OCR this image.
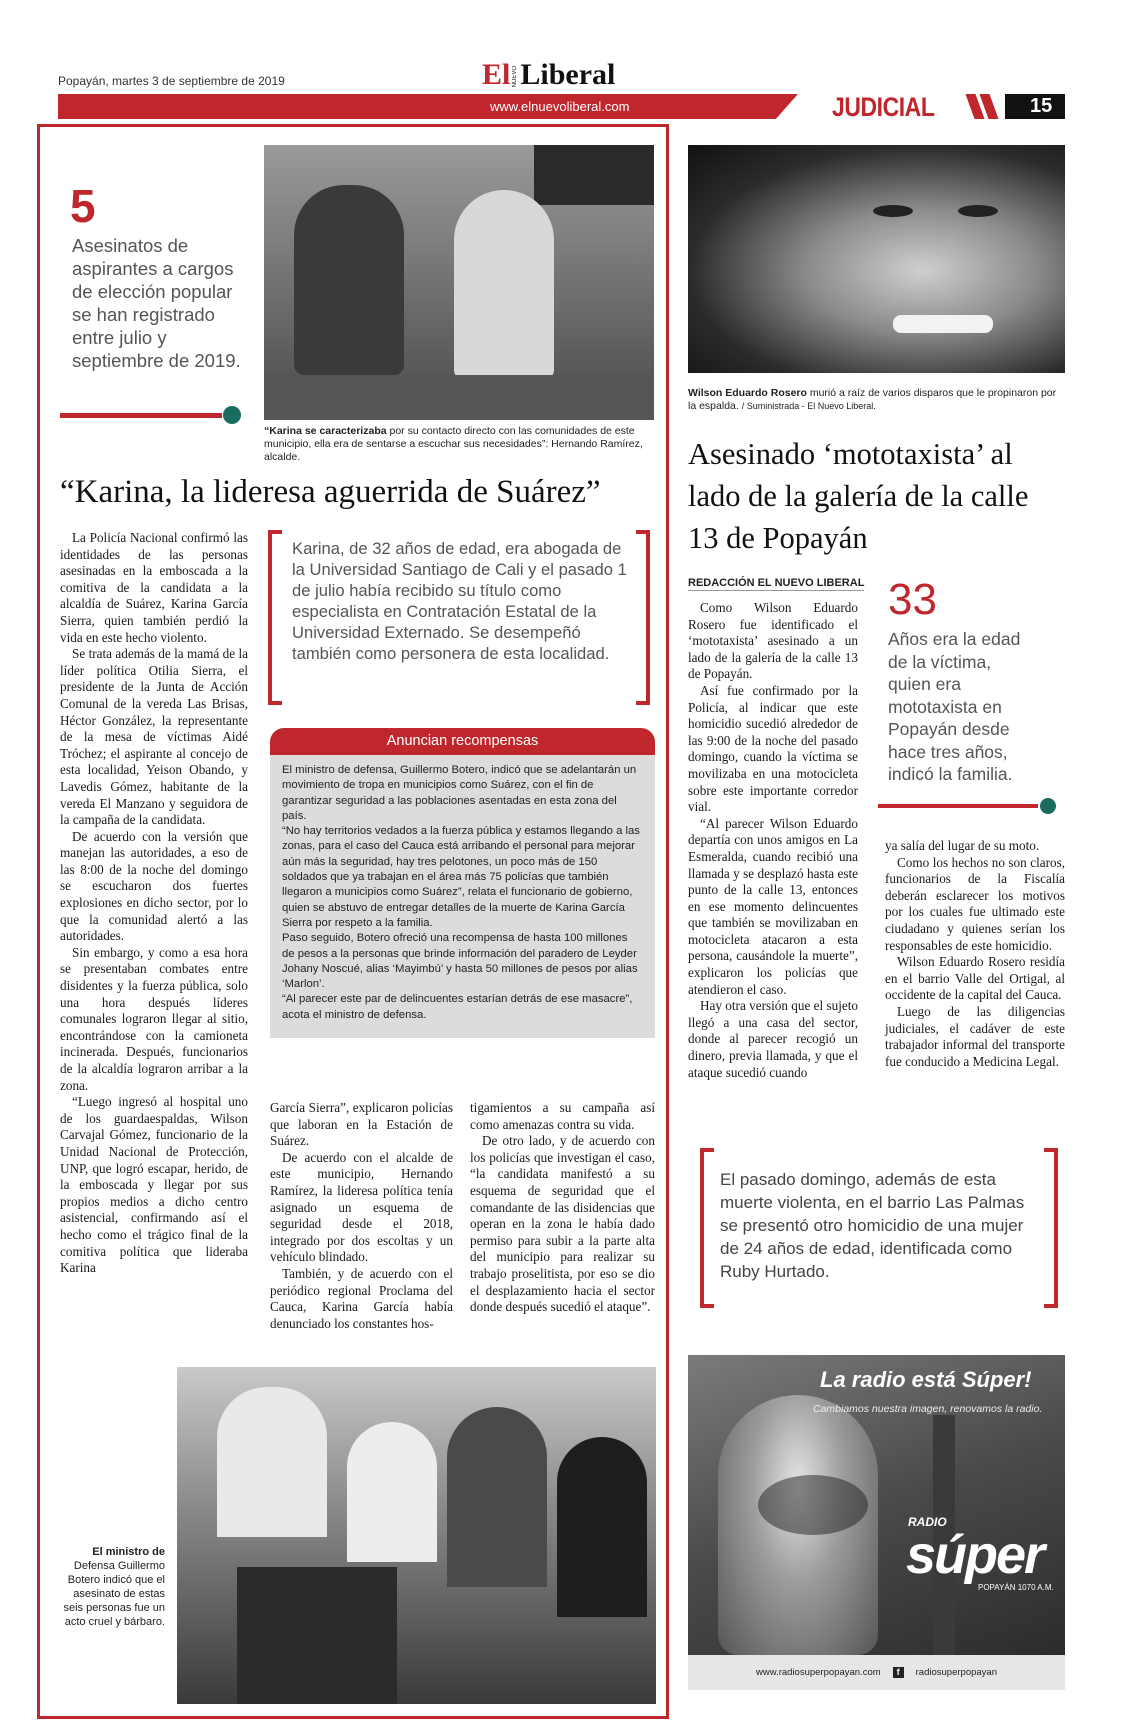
Popayán, martes 3 de septiembre de 2019	El NUEVO Liberal
www.elnuevoliberal.com	JUDICIAL	15
5
Asesinatos de aspirantes a cargos de elección popular se han registrado entre julio y septiembre de 2019.
“Karina se caracterizaba por su contacto directo con las comunidades de este municipio, ella era de sentarse a escuchar sus necesidades”: Hernando Ramírez, alcalde.
“Karina, la lideresa aguerrida de Suárez”

La Policía Nacional confirmó las identidades de las personas asesinadas en la emboscada a la comitiva de la candidata a la alcaldía de Suárez, Karina García Sierra, quien también perdió la vida en este hecho violento.

Se trata además de la mamá de la líder política Otilia Sierra, el presidente de la Junta de Acción Comunal de la vereda Las Brisas, Héctor González, la representante de la mesa de víctimas Aidé Tróchez; el aspirante al concejo de esta localidad, Yeison Obando, y Lavedis Gómez, habitante de la vereda El Manzano y seguidora de la campaña de la candidata.

De acuerdo con la versión que manejan las autoridades, a eso de las 8:00 de la noche del domingo se escucharon dos fuertes explosiones en dicho sector, por lo que la comunidad alertó a las autoridades.

Sin embargo, y como a esa hora se presentaban combates entre disidentes y la fuerza pública, solo una hora después líderes comunales lograron llegar al sitio, encontrándose con la camioneta incinerada. Después, funcionarios de la alcaldía lograron arribar a la zona.

“Luego ingresó al hospital uno de los guardaespaldas, Wilson Carvajal Gómez, funcionario de la Unidad Nacional de Protección, UNP, que logró escapar, herido, de la emboscada y llegar por sus propios medios a dicho centro asistencial, confirmando así el hecho como el trágico final de la comitiva política que lideraba Karina

Karina, de 32 años de edad, era abogada de la Universidad Santiago de Cali y el pasado 1 de julio había recibido su título como especialista en Contratación Estatal de la Universidad Externado. Se desempeñó también como personera de esta localidad.
Anuncian recompensas

El ministro de defensa, Guillermo Botero, indicó que se adelantarán un movimiento de tropa en municipios como Suárez, con el fin de garantizar seguridad a las poblaciones asentadas en esta zona del país.

“No hay territorios vedados a la fuerza pública y estamos llegando a las zonas, para el caso del Cauca está arribando el personal para mejorar aún más la seguridad, hay tres pelotones, un poco más de 150 soldados que ya trabajan en el área más 75 policías que también llegaron a municipios como Suárez”, relata el funcionario de gobierno, quien se abstuvo de entregar detalles de la muerte de Karina García Sierra por respeto a la familia.

Paso seguido, Botero ofreció una recompensa de hasta 100 millones de pesos a la personas que brinde información del paradero de Leyder Johany Noscué, alias ‘Mayimbú’ y hasta 50 millones de pesos por alias ‘Marlon’.

“Al parecer este par de delincuentes estarían detrás de ese masacre”, acota el ministro de defensa.

García Sierra”, explicaron policías que laboran en la Estación de Suárez.

De acuerdo con el alcalde de este municipio, Hernando Ramírez, la lideresa política tenía asignado un esquema de seguridad desde el 2018, integrado por dos escoltas y un vehículo blindado.

También, y de acuerdo con el periódico regional Proclama del Cauca, Karina García había denunciado los constantes hos-

tigamientos a su campaña así como amenazas contra su vida.

De otro lado, y de acuerdo con los policías que investigan el caso, “la candidata manifestó a su esquema de seguridad que el comandante de las disidencias que operan en la zona le había dado permiso para subir a la parte alta del municipio para realizar su trabajo proselitista, por eso se dio el desplazamiento hacia el sector donde después sucedió el ataque”.

El ministro de
Defensa Guillermo Botero indicó que el asesinato de estas seis personas fue un acto cruel y bárbaro.
Wilson Eduardo Rosero murió a raíz de varios disparos que le propinaron por la espalda. / Suministrada - El Nuevo Liberal.
Asesinado ‘mototaxista’ al lado de la galería de la calle 13 de Popayán
REDACCIÓN EL NUEVO LIBERAL

Como Wilson Eduardo Rosero fue identificado el ‘mototaxista’ asesinado a un lado de la galería de la calle 13 de Popayán.

Así fue confirmado por la Policía, al indicar que este homicidio sucedió alrededor de las 9:00 de la noche del pasado domingo, cuando la víctima se movilizaba en una motocicleta sobre este importante corredor vial.

“Al parecer Wilson Eduardo departía con unos amigos en La Esmeralda, cuando recibió una llamada y se desplazó hasta este punto de la calle 13, entonces en ese momento delincuentes que también se movilizaban en motocicleta atacaron a esta persona, causándole la muerte”, explicaron los policías que atendieron el caso.

Hay otra versión que el sujeto llegó a una casa del sector, donde al parecer recogió un dinero, previa llamada, y que el ataque sucedió cuando

33
Años era la edad de la víctima, quien era mototaxista en Popayán desde hace tres años, indicó la familia.

ya salía del lugar de su moto.

Como los hechos no son claros, funcionarios de la Fiscalía deberán esclarecer los motivos por los cuales fue ultimado este ciudadano y quienes serían los responsables de este homicidio.

Wilson Eduardo Rosero residía en el barrio Valle del Ortigal, al occidente de la capital del Cauca.

Luego de las diligencias judiciales, el cadáver de este trabajador informal del transporte fue conducido a Medicina Legal.

El pasado domingo, además de esta muerte violenta, en el barrio Las Palmas se presentó otro homicidio de una mujer de 24 años de edad, identificada como Ruby Hurtado.
La radio está Súper!
Cambiamos nuestra imagen, renovamos la radio.
RADIO
súper
POPAYÁN 1070 A.M.
www.radiosuperpopayan.com	f	radiosuperpopayan
